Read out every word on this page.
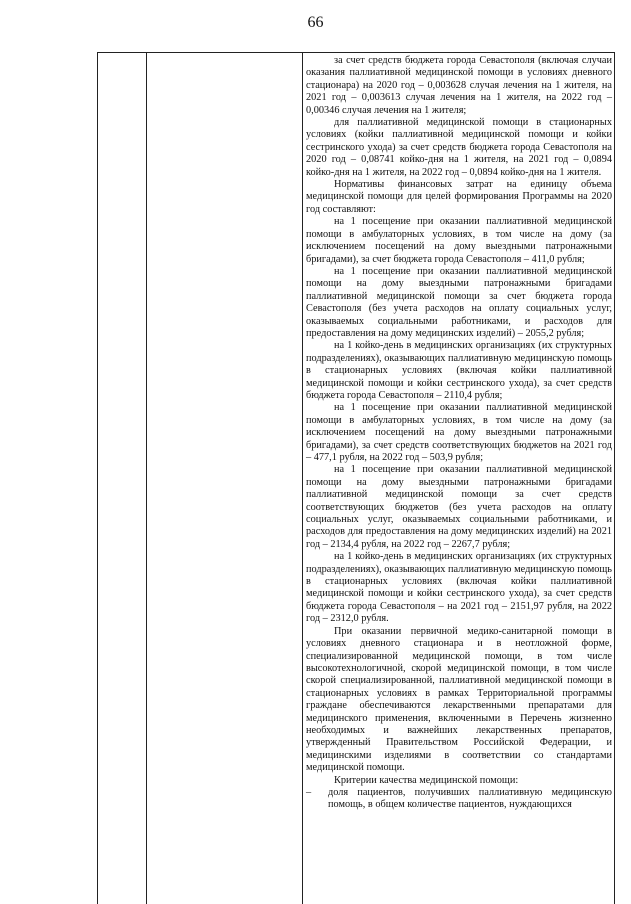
66

за счет средств бюджета города Севастополя (включая случаи оказания паллиативной медицинской помощи в условиях дневного стационара) на 2020 год – 0,003628 случая лечения на 1 жителя, на 2021 год – 0,003613 случая лечения на 1 жителя, на 2022 год – 0,00346 случая лечения на 1 жителя;

для паллиативной медицинской помощи в стационарных условиях (койки паллиативной медицинской помощи и койки сестринского ухода) за счет средств бюджета города Севастополя на 2020 год – 0,08741 койко-дня на 1 жителя, на 2021 год – 0,0894 койко-дня на 1 жителя, на 2022 год – 0,0894 койко-дня на 1 жителя.

Нормативы финансовых затрат на единицу объема медицинской помощи для целей формирования Программы на 2020 год составляют:

на 1 посещение при оказании паллиативной медицинской помощи в амбулаторных условиях, в том числе на дому (за исключением посещений на дому выездными патронажными бригадами), за счет бюджета города Севастополя – 411,0 рубля;

на 1 посещение при оказании паллиативной медицинской помощи на дому выездными патронажными бригадами паллиативной медицинской помощи за счет бюджета города Севастополя (без учета расходов на оплату социальных услуг, оказываемых социальными работниками, и расходов для предоставления на дому медицинских изделий) – 2055,2 рубля;

на 1 койко-день в медицинских организациях (их структурных подразделениях), оказывающих паллиативную медицинскую помощь в стационарных условиях (включая койки паллиативной медицинской помощи и койки сестринского ухода), за счет средств бюджета города Севастополя – 2110,4 рубля;

на 1 посещение при оказании паллиативной медицинской помощи в амбулаторных условиях, в том числе на дому (за исключением посещений на дому выездными патронажными бригадами), за счет средств соответствующих бюджетов на 2021 год – 477,1 рубля, на 2022 год – 503,9 рубля;

на 1 посещение при оказании паллиативной медицинской помощи на дому выездными патронажными бригадами паллиативной медицинской помощи за счет средств соответствующих бюджетов (без учета расходов на оплату социальных услуг, оказываемых социальными работниками, и расходов для предоставления на дому медицинских изделий) на 2021 год – 2134,4 рубля, на 2022 год – 2267,7 рубля;

на 1 койко-день в медицинских организациях (их структурных подразделениях), оказывающих паллиативную медицинскую помощь в стационарных условиях (включая койки паллиативной медицинской помощи и койки сестринского ухода), за счет средств бюджета города Севастополя – на 2021 год – 2151,97 рубля, на 2022 год – 2312,0 рубля.

При оказании первичной медико-санитарной помощи в условиях дневного стационара и в неотложной форме, специализированной медицинской помощи, в том числе высокотехнологичной, скорой медицинской помощи, в том числе скорой специализированной, паллиативной медицинской помощи в стационарных условиях в рамках Территориальной программы граждане обеспечиваются лекарственными препаратами для медицинского применения, включенными в Перечень жизненно необходимых и важнейших лекарственных препаратов, утвержденный Правительством Российской Федерации, и медицинскими изделиями в соответствии со стандартами медицинской помощи.

Критерии качества медицинской помощи:

–	доля пациентов, получивших паллиативную медицинскую помощь, в общем количестве пациентов, нуждающихся
